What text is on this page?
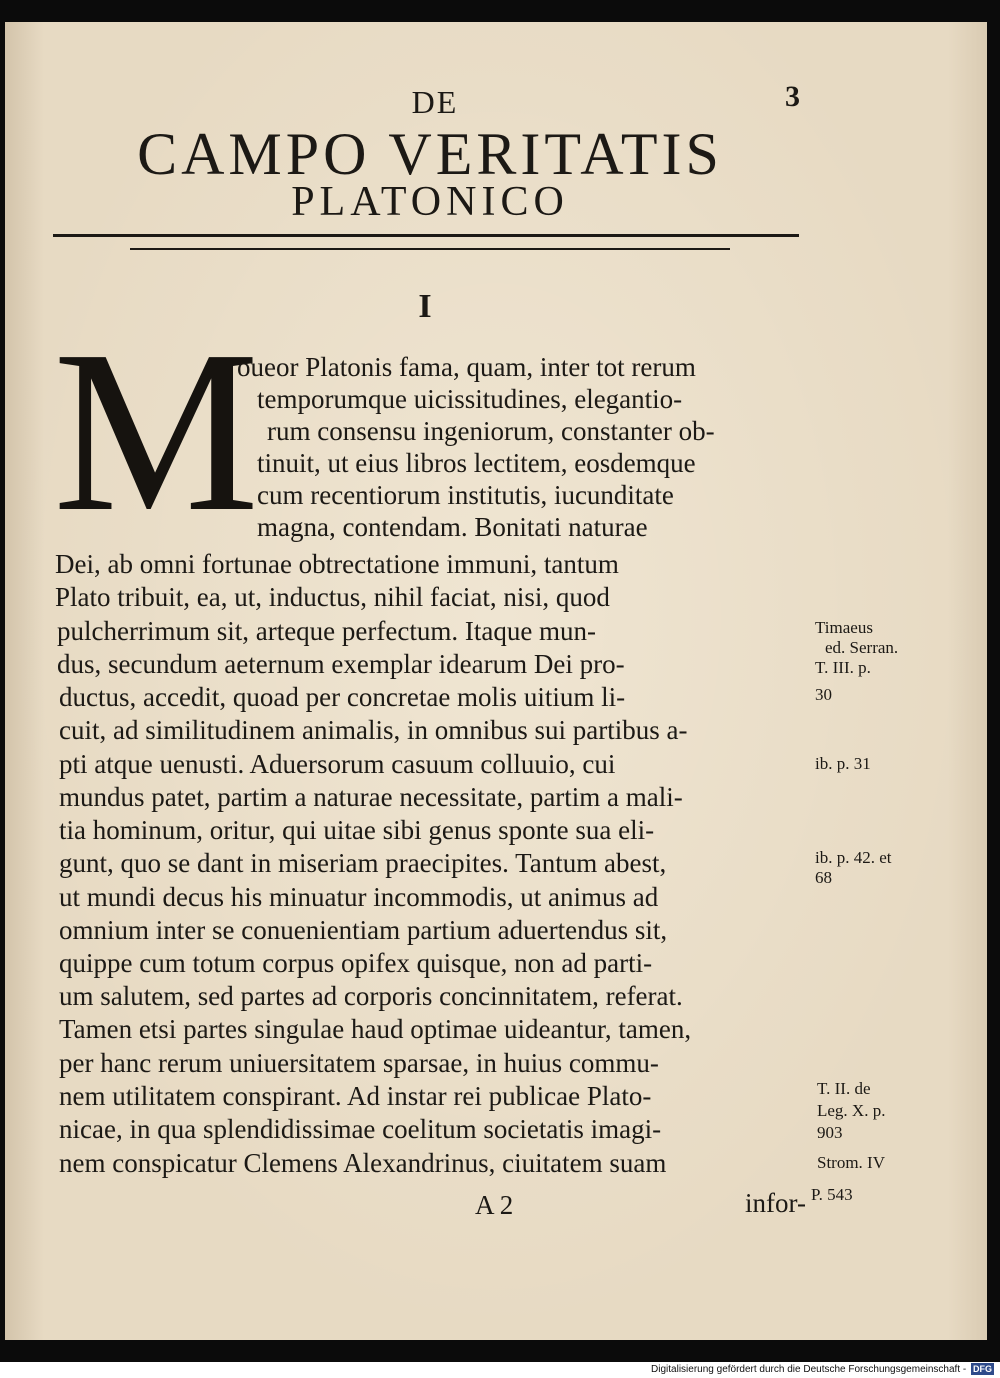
DE	3
CAMPO VERITATIS
PLATONICO
I
M
oueor Platonis fama, quam, inter tot rerum
temporumque uicissitudines, elegantio-
rum consensu ingeniorum, constanter ob-
tinuit, ut eius libros lectitem, eosdemque
cum recentiorum institutis, iucunditate
magna, contendam. Bonitati naturae
Dei, ab omni fortunae obtrectatione immuni, tantum
Plato tribuit, ea, ut, inductus, nihil faciat, nisi, quod
pulcherrimum sit, arteque perfectum. Itaque mun-
dus, secundum aeternum exemplar idearum Dei pro-
ductus, accedit, quoad per concretae molis uitium li-
cuit, ad similitudinem animalis, in omnibus sui partibus a-
pti atque uenusti. Aduersorum casuum colluuio, cui
mundus patet, partim a naturae necessitate, partim a mali-
tia hominum, oritur, qui uitae sibi genus sponte sua eli-
gunt, quo se dant in miseriam praecipites. Tantum abest,
ut mundi decus his minuatur incommodis, ut animus ad
omnium inter se conuenientiam partium aduertendus sit,
quippe cum totum corpus opifex quisque, non ad parti-
um salutem, sed partes ad corporis concinnitatem, referat.
Tamen etsi partes singulae haud optimae uideantur, tamen,
per hanc rerum uniuersitatem sparsae, in huius commu-
nem utilitatem conspirant. Ad instar rei publicae Plato-
nicae, in qua splendidissimae coelitum societatis imagi-
nem conspicatur Clemens Alexandrinus, ciuitatem suam
Timaeus
ed. Serran.
T. III. p.
30
ib. p. 31
ib. p. 42. et
68
T. II. de
Leg. X. p.
903
Strom. IV
P. 543
A 2	infor-
Digitalisierung gefördert durch die Deutsche Forschungsgemeinschaft - DFG
